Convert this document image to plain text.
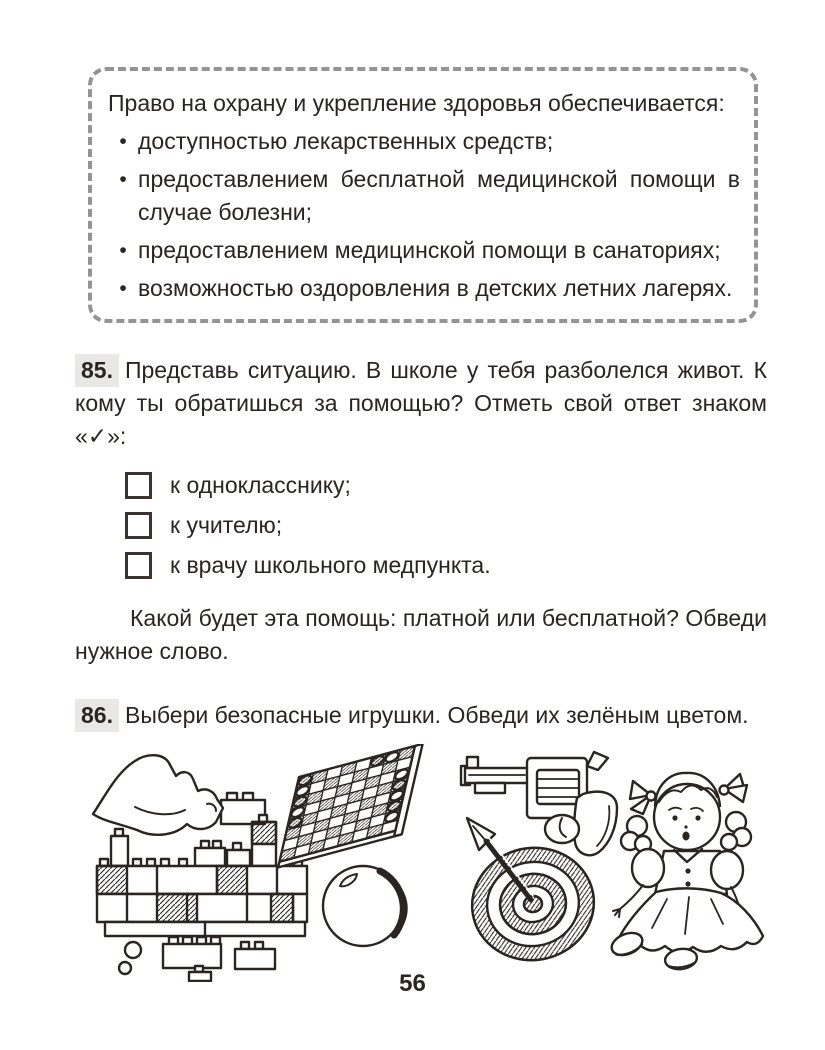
Право на охрану и укрепление здоровья обеспечивается:
• доступностью лекарственных средств;
• предоставлением бесплатной медицинской помощи в случае болезни;
• предоставлением медицинской помощи в санаториях;
• возможностью оздоровления в детских летних лагерях.

85. Представь ситуацию. В школе у тебя разболелся живот. К кому ты обратишься за помощью? Отметь свой ответ знаком «✓»:

к однокласснику;
к учителю;
к врачу школьного медпункта.

Какой будет эта помощь: платной или бесплатной? Обведи нужное слово.

86. Выбери безопасные игрушки. Обведи их зелёным цветом.

56
